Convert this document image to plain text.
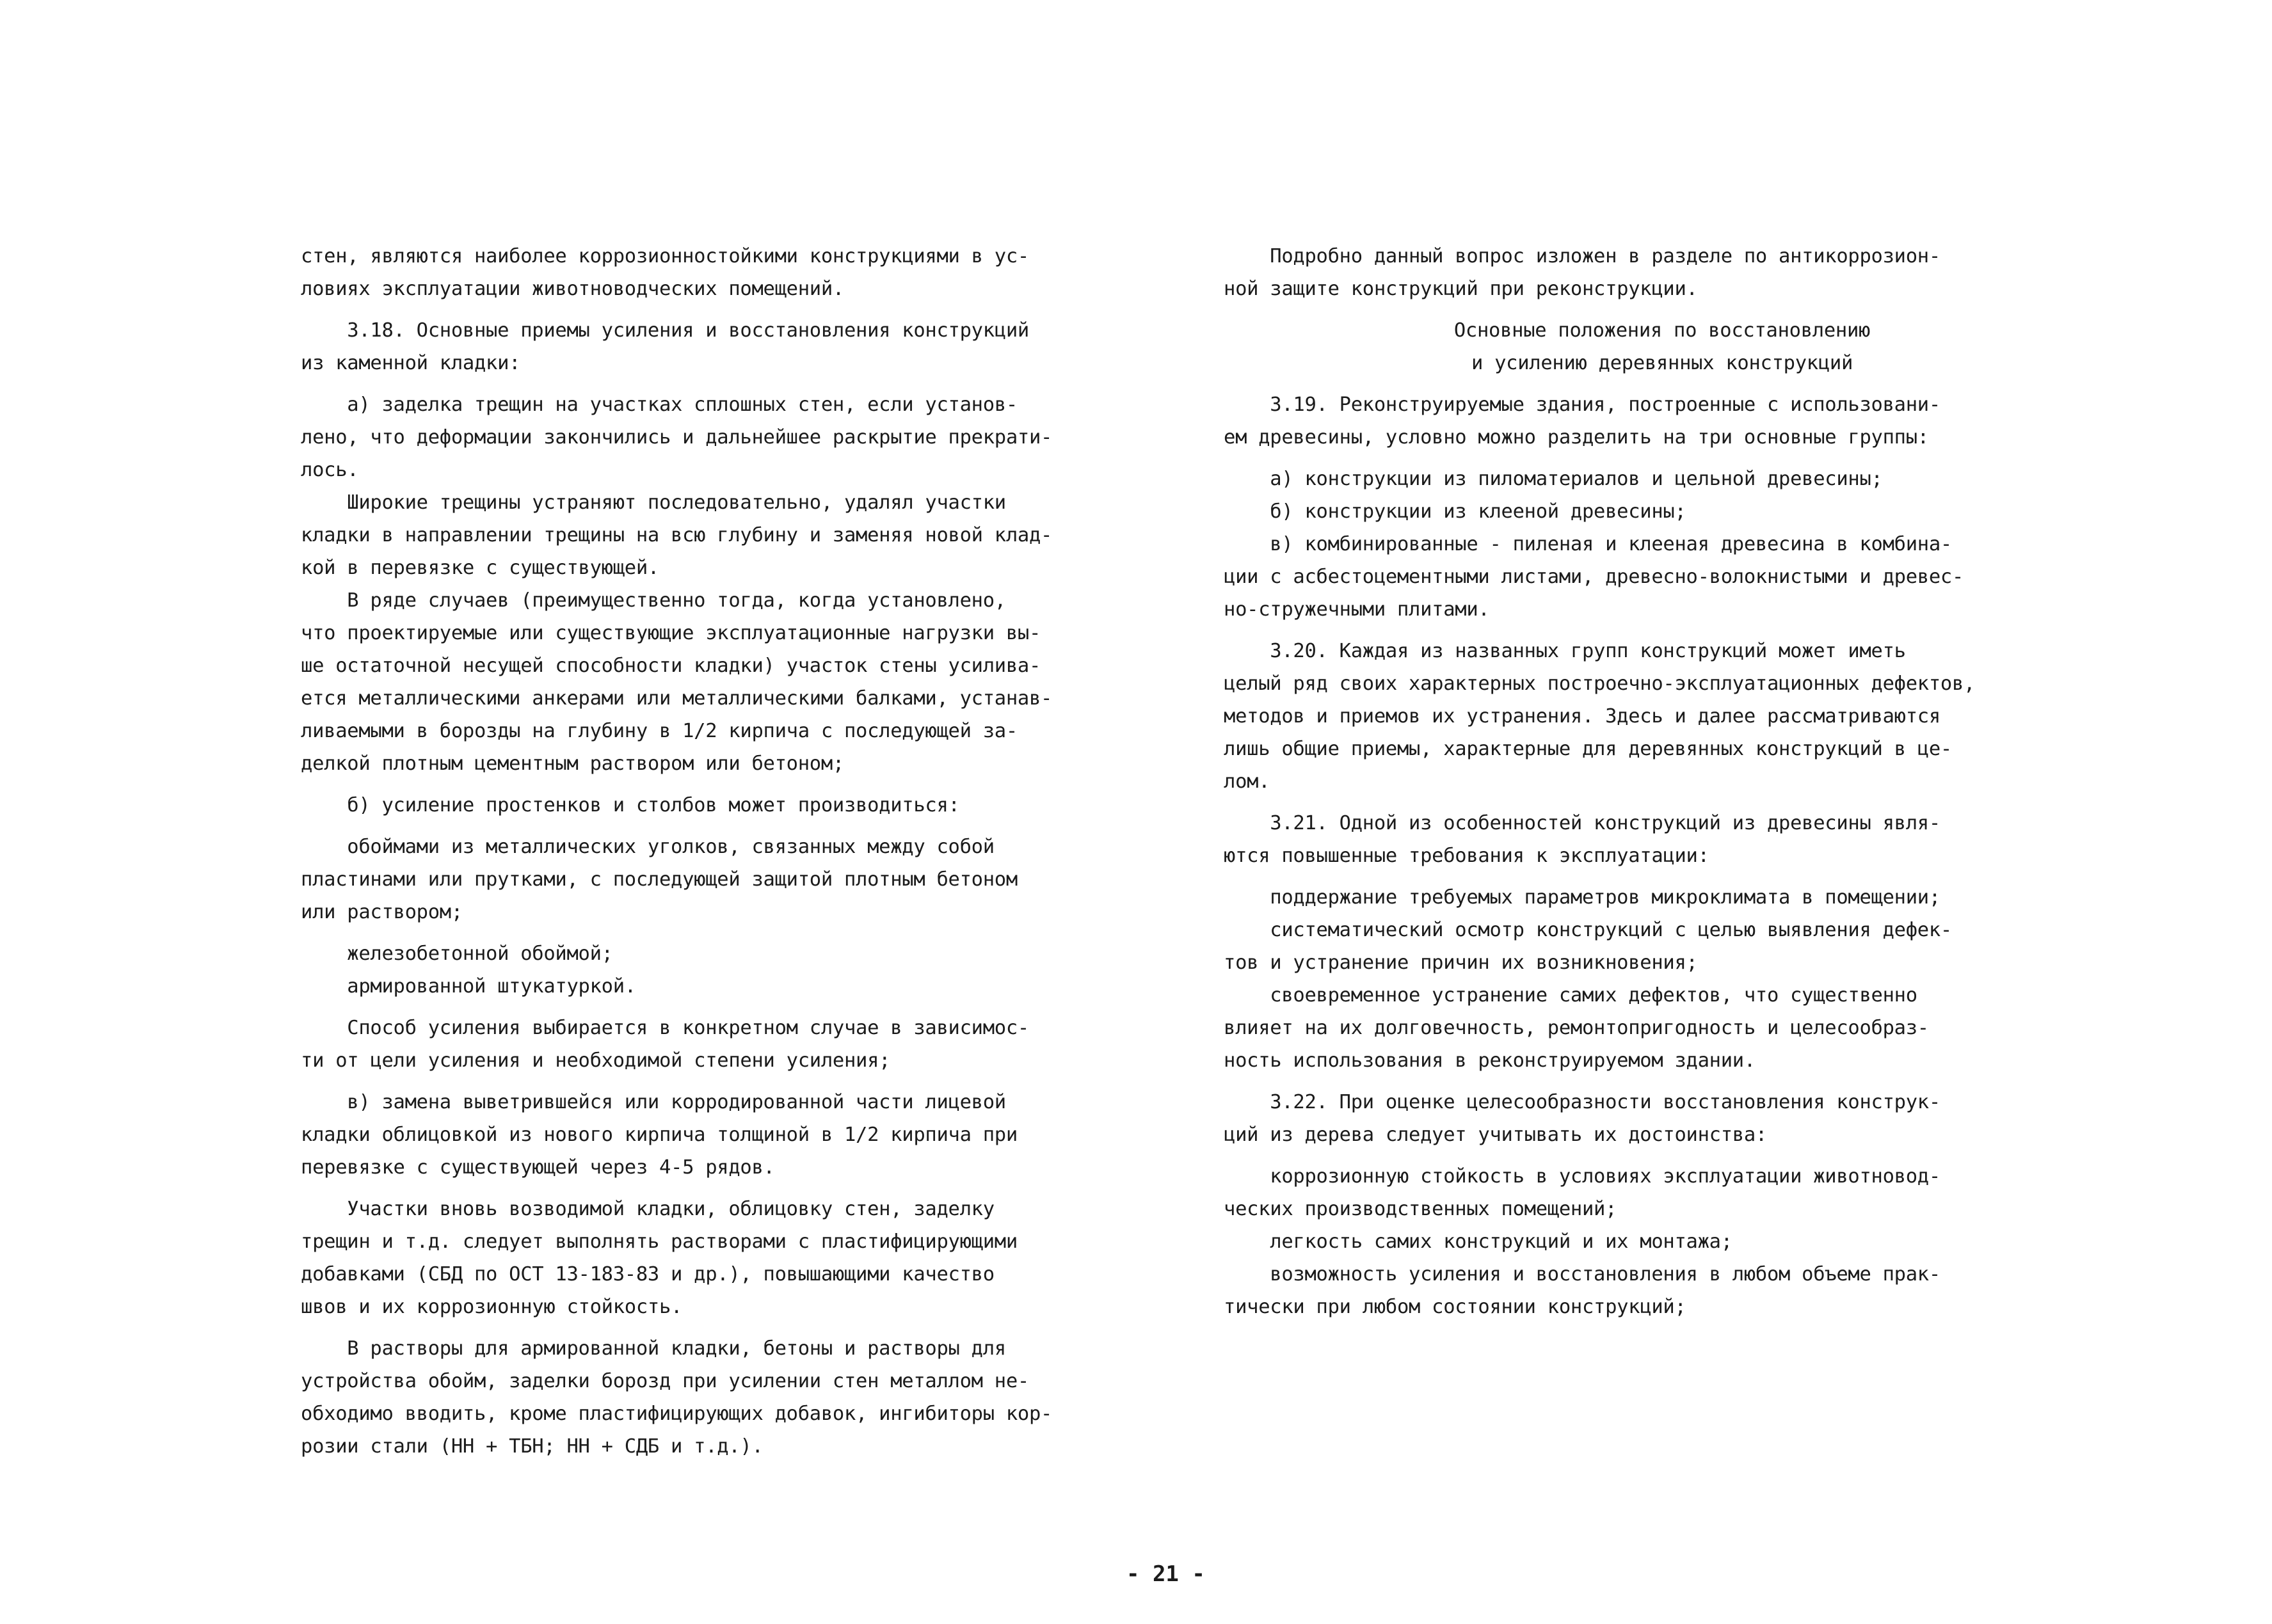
стен, являются наиболее коррозионностойкими конструкциями в ус-
ловиях эксплуатации животноводческих помещений.
3.18. Основные приемы усиления и восстановления конструкций
из каменной кладки:
а) заделка трещин на участках сплошных стен, если установ-
лено, что деформации закончились и дальнейшее раскрытие прекрати-
лось.
Широкие трещины устраняют последовательно, удалял участки
кладки в направлении трещины на всю глубину и заменяя новой клад-
кой в перевязке с существующей.
В ряде случаев (преимущественно тогда, когда установлено,
что проектируемые или существующие эксплуатационные нагрузки вы-
ше остаточной несущей способности кладки) участок стены усилива-
ется металлическими анкерами или металлическими балками, устанав-
ливаемыми в борозды на глубину в 1/2 кирпича с последующей за-
делкой плотным цементным раствором или бетоном;
б) усиление простенков и столбов может производиться:
обоймами из металлических уголков, связанных между собой
пластинами или прутками, с последующей защитой плотным бетоном
или раствором;
железобетонной обоймой;
армированной штукатуркой.
Способ усиления выбирается в конкретном случае в зависимос-
ти от цели усиления и необходимой степени усиления;
в) замена выветрившейся или корродированной части лицевой
кладки облицовкой из нового кирпича толщиной в 1/2 кирпича при
перевязке с существующей через 4-5 рядов.
Участки вновь возводимой кладки, облицовку стен, заделку
трещин и т.д. следует выполнять растворами с пластифицирующими
добавками (СБД по ОСТ 13-183-83 и др.), повышающими качество
швов и их коррозионную стойкость.
В растворы для армированной кладки, бетоны и растворы для
устройства обойм, заделки борозд при усилении стен металлом не-
обходимо вводить, кроме пластифицирующих добавок, ингибиторы кор-
розии стали (НН + ТБН; НН + СДБ и т.д.).
Подробно данный вопрос изложен в разделе по антикоррозион-
ной защите конструкций при реконструкции.
Основные положения по восстановлению
и усилению деревянных конструкций
3.19. Реконструируемые здания, построенные с использовани-
ем древесины, условно можно разделить на три основные группы:
а) конструкции из пиломатериалов и цельной древесины;
б) конструкции из клееной древесины;
в) комбинированные - пиленая и клееная древесина в комбина-
ции с асбестоцементными листами, древесно-волокнистыми и древес-
но-стружечными плитами.
3.20. Каждая из названных групп конструкций может иметь
целый ряд своих характерных построечно-эксплуатационных дефектов,
методов и приемов их устранения. Здесь и далее рассматриваются
лишь общие приемы, характерные для деревянных конструкций в це-
лом.
3.21. Одной из особенностей конструкций из древесины явля-
ются повышенные требования к эксплуатации:
поддержание требуемых параметров микроклимата в помещении;
систематический осмотр конструкций с целью выявления дефек-
тов и устранение причин их возникновения;
своевременное устранение самих дефектов, что существенно
влияет на их долговечность, ремонтопригодность и целесообраз-
ность использования в реконструируемом здании.
3.22. При оценке целесообразности восстановления конструк-
ций из дерева следует учитывать их достоинства:
коррозионную стойкость в условиях эксплуатации животновод-
ческих производственных помещений;
легкость самих конструкций и их монтажа;
возможность усиления и восстановления в любом объеме прак-
тически при любом состоянии конструкций;
- 21 -
